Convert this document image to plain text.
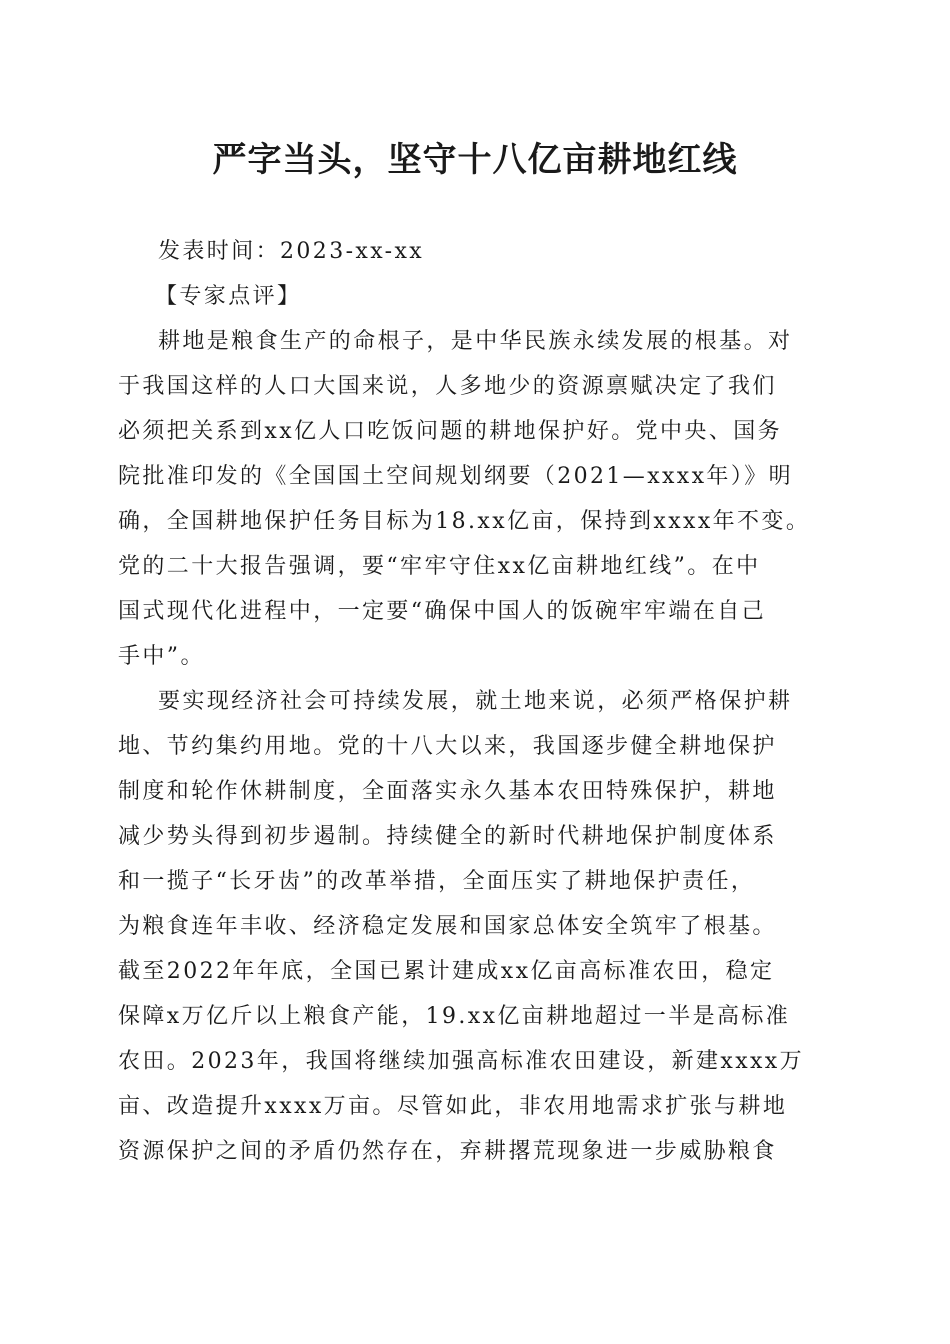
严字当头，坚守十八亿亩耕地红线
发表时间：2023-xx-xx
【专家点评】
耕地是粮食生产的命根子，是中华民族永续发展的根基。对
于我国这样的人口大国来说，人多地少的资源禀赋决定了我们
必须把关系到xx亿人口吃饭问题的耕地保护好。党中央、国务
院批准印发的《全国国土空间规划纲要（2021—xxxx年）》明
确，全国耕地保护任务目标为18.xx亿亩，保持到xxxx年不变。
党的二十大报告强调，要“牢牢守住xx亿亩耕地红线”。在中
国式现代化进程中，一定要“确保中国人的饭碗牢牢端在自己
手中”。
要实现经济社会可持续发展，就土地来说，必须严格保护耕
地、节约集约用地。党的十八大以来，我国逐步健全耕地保护
制度和轮作休耕制度，全面落实永久基本农田特殊保护，耕地
减少势头得到初步遏制。持续健全的新时代耕地保护制度体系
和一揽子“长牙齿”的改革举措，全面压实了耕地保护责任，
为粮食连年丰收、经济稳定发展和国家总体安全筑牢了根基。
截至2022年年底，全国已累计建成xx亿亩高标准农田，稳定
保障x万亿斤以上粮食产能，19.xx亿亩耕地超过一半是高标准
农田。2023年，我国将继续加强高标准农田建设，新建xxxx万
亩、改造提升xxxx万亩。尽管如此，非农用地需求扩张与耕地
资源保护之间的矛盾仍然存在，弃耕撂荒现象进一步威胁粮食
